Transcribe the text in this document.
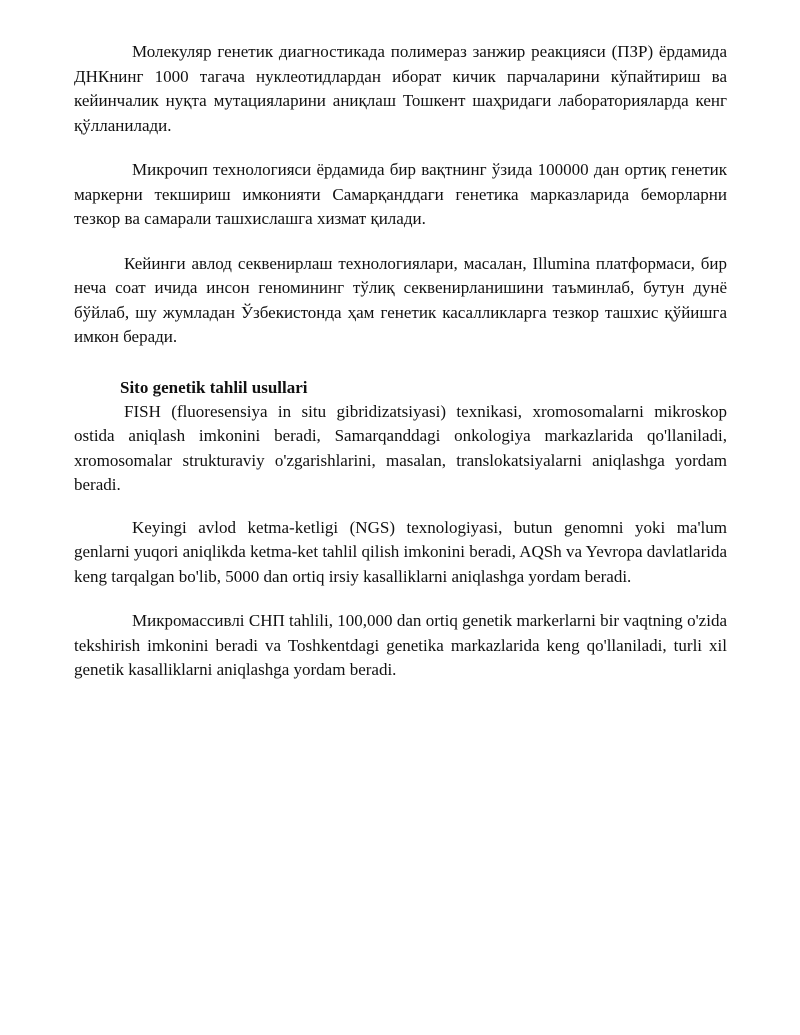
Молекуляр генетик диагностикада полимераз занжир реакцияси (ПЗР) ёрдамида ДНКнинг 1000 тагача нуклеотидлардан иборат кичик парчаларини кўпайтириш ва кейинчалик нуқта мутацияларини аниқлаш Тошкент шаҳридаги лабораторияларда кенг қўлланилади.

Микрочип технологияси ёрдамида бир вақтнинг ўзида 100000 дан ортиқ генетик маркерни текшириш имконияти Самарқанддаги генетика марказларида беморларни тезкор ва самарали ташхислашга хизмат қилади.

Кейинги авлод секвенирлаш технологиялари, масалан, Illumina платформаси, бир неча соат ичида инсон геномининг тўлиқ секвенирланишини таъминлаб, бутун дунё бўйлаб, шу жумладан Ўзбекистонда ҳам генетик касалликларга тезкор ташхис қўйишга имкон беради.

Sito genetik tahlil usullari

FISH (fluoresensiya in situ gibridizatsiyasi) texnikasi, xromosomalarni mikroskop ostida aniqlash imkonini beradi, Samarqanddagi onkologiya markazlarida qo'llaniladi, xromosomalar strukturaviy o'zgarishlarini, masalan, translokatsiyalarni aniqlashga yordam beradi.

Keyingi avlod ketma-ketligi (NGS) texnologiyasi, butun genomni yoki ma'lum genlarni yuqori aniqlikda ketma-ket tahlil qilish imkonini beradi, AQSh va Yevropa davlatlarida keng tarqalgan bo'lib, 5000 dan ortiq irsiy kasalliklarni aniqlashga yordam beradi.

Микромассивлі СНП tahlili, 100,000 dan ortiq genetik markerlarni bir vaqtning o'zida tekshirish imkonini beradi va Toshkentdagi genetika markazlarida keng qo'llaniladi, turli xil genetik kasalliklarni aniqlashga yordam beradi.
